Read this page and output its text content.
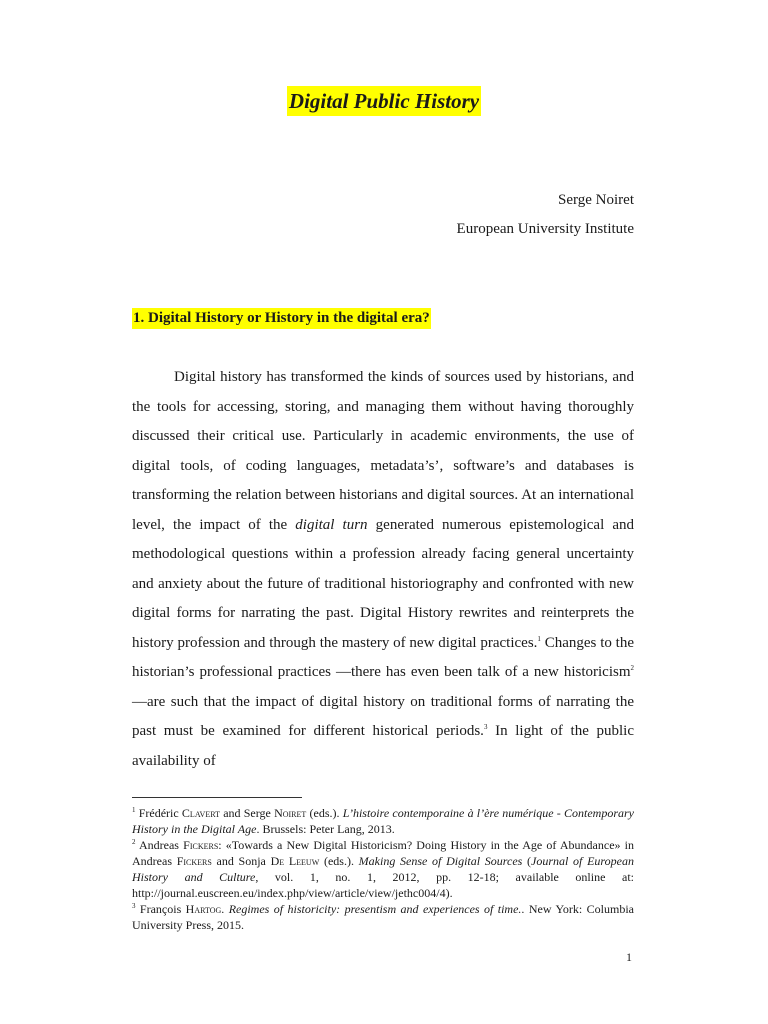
Digital Public History
Serge Noiret
European University Institute
1. Digital History or History in the digital era?
Digital history has transformed the kinds of sources used by historians, and the tools for accessing, storing, and managing them without having thoroughly discussed their critical use. Particularly in academic environments, the use of digital tools, of coding languages, metadata’s’, software’s and databases is transforming the relation between historians and digital sources. At an international level, the impact of the digital turn generated numerous epistemological and methodological questions within a profession already facing general uncertainty and anxiety about the future of traditional historiography and confronted with new digital forms for narrating the past. Digital History rewrites and reinterprets the history profession and through the mastery of new digital practices.$^1$ Changes to the historian’s professional practices —there has even been talk of a new historicism$^2$—are such that the impact of digital history on traditional forms of narrating the past must be examined for different historical periods.$^3$ In light of the public availability of

$^1$ Frédéric Clavert and Serge Noiret (eds.). L’histoire contemporaine à l’ère numérique - Contemporary History in the Digital Age. Brussels: Peter Lang, 2013.

$^2$ Andreas Fickers: «Towards a New Digital Historicism? Doing History in the Age of Abundance» in Andreas Fickers and Sonja De Leeuw (eds.). Making Sense of Digital Sources (Journal of European History and Culture, vol. 1, no. 1, 2012, pp. 12-18; available online at: http://journal.euscreen.eu/index.php/view/article/view/jethc004/4).

$^3$ François Hartog. Regimes of historicity: presentism and experiences of time.. New York: Columbia University Press, 2015.

1
